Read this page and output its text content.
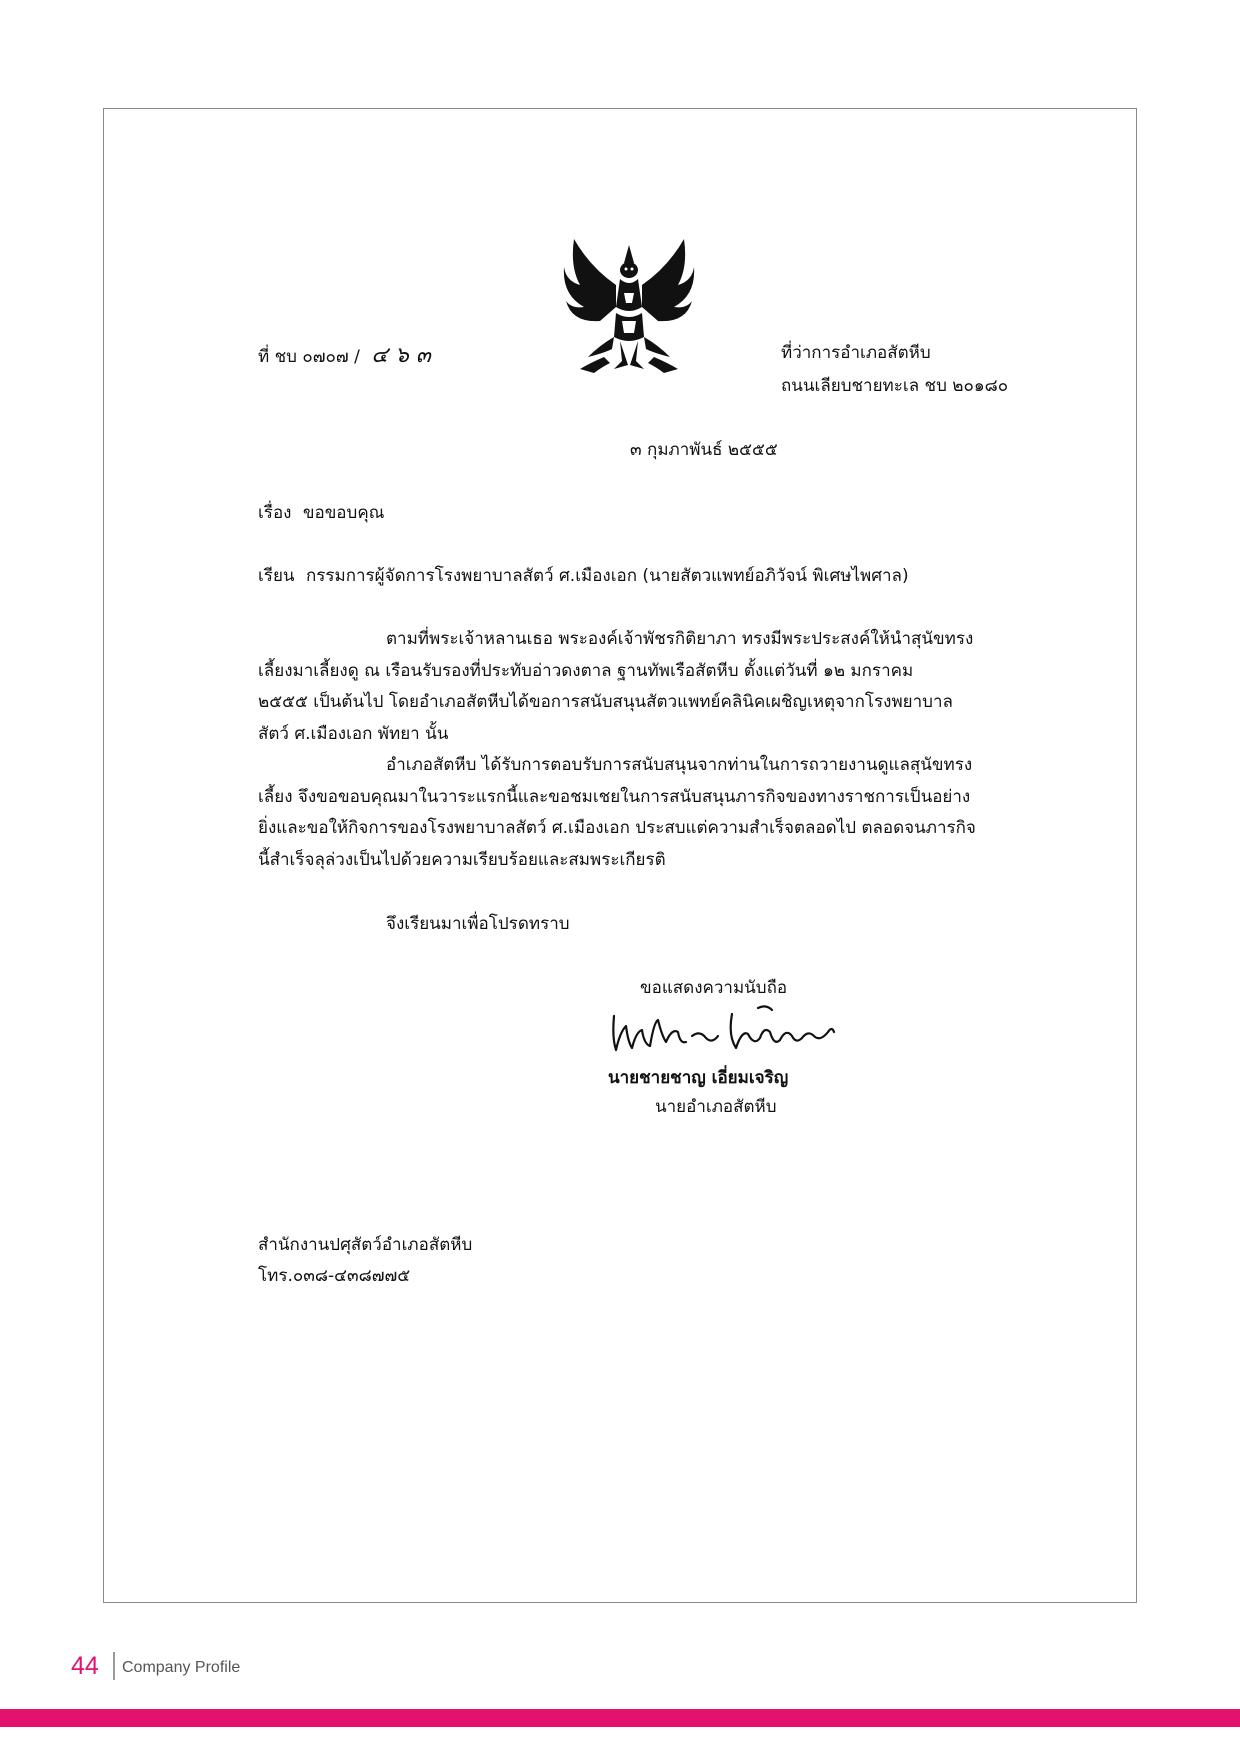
ที่ ชบ ๐๗๐๗ / ๔ ๖ ๓	ที่ว่าการอำเภอสัตหีบ
ถนนเลียบชายทะเล ชบ ๒๐๑๘๐
๓ กุมภาพันธ์ ๒๕๕๕
เรื่อง ขอขอบคุณ
เรียน กรรมการผู้จัดการโรงพยาบาลสัตว์ ศ.เมืองเอก (นายสัตวแพทย์อภิวัจน์ พิเศษไพศาล)
ตามที่พระเจ้าหลานเธอ พระองค์เจ้าพัชรกิติยาภา ทรงมีพระประสงค์ให้นำสุนัขทรง
เลี้ยงมาเลี้ยงดู ณ เรือนรับรองที่ประทับอ่าวดงตาล ฐานทัพเรือสัตหีบ ตั้งแต่วันที่ ๑๒ มกราคม
๒๕๕๕ เป็นต้นไป โดยอำเภอสัตหีบได้ขอการสนับสนุนสัตวแพทย์คลินิคเผชิญเหตุจากโรงพยาบาล
สัตว์ ศ.เมืองเอก พัทยา นั้น
อำเภอสัตหีบ ได้รับการตอบรับการสนับสนุนจากท่านในการถวายงานดูแลสุนัขทรง
เลี้ยง จึงขอขอบคุณมาในวาระแรกนี้และขอชมเชยในการสนับสนุนภารกิจของทางราชการเป็นอย่าง
ยิ่งและขอให้กิจการของโรงพยาบาลสัตว์ ศ.เมืองเอก ประสบแต่ความสำเร็จตลอดไป ตลอดจนภารกิจ
นี้สำเร็จลุล่วงเป็นไปด้วยความเรียบร้อยและสมพระเกียรติ
จึงเรียนมาเพื่อโปรดทราบ
ขอแสดงความนับถือ
นายชายชาญ เอี่ยมเจริญ
นายอำเภอสัตหีบ
สำนักงานปศุสัตว์อำเภอสัตหีบ
โทร.๐๓๘-๔๓๘๗๗๕
44 Company Profile
